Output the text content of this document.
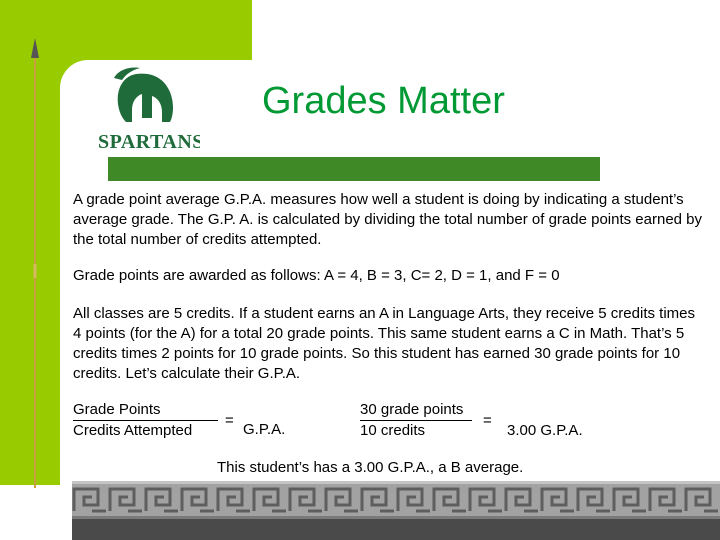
SPARTANS
Grades Matter

A grade point average G.P.A. measures how well a student is doing by indicating a student’s average grade. The G.P. A. is calculated by dividing the total number of grade points earned by the total number of credits attempted.

Grade points are awarded as follows: A = 4, B = 3, C= 2, D = 1, and F = 0

All classes are 5 credits. If a student earns an A in Language Arts, they receive 5 credits times 4 points (for the A) for a total 20 grade points. This same student earns a C in Math. That’s 5 credits times 2 points for 10 grade points. So this student has earned 30 grade points for 10 credits. Let’s calculate their G.P.A.

Grade Points
Credits Attempted
=
G.P.A.
30 grade points
10 credits
=
3.00 G.P.A.
This student’s has a 3.00 G.P.A., a B average.
